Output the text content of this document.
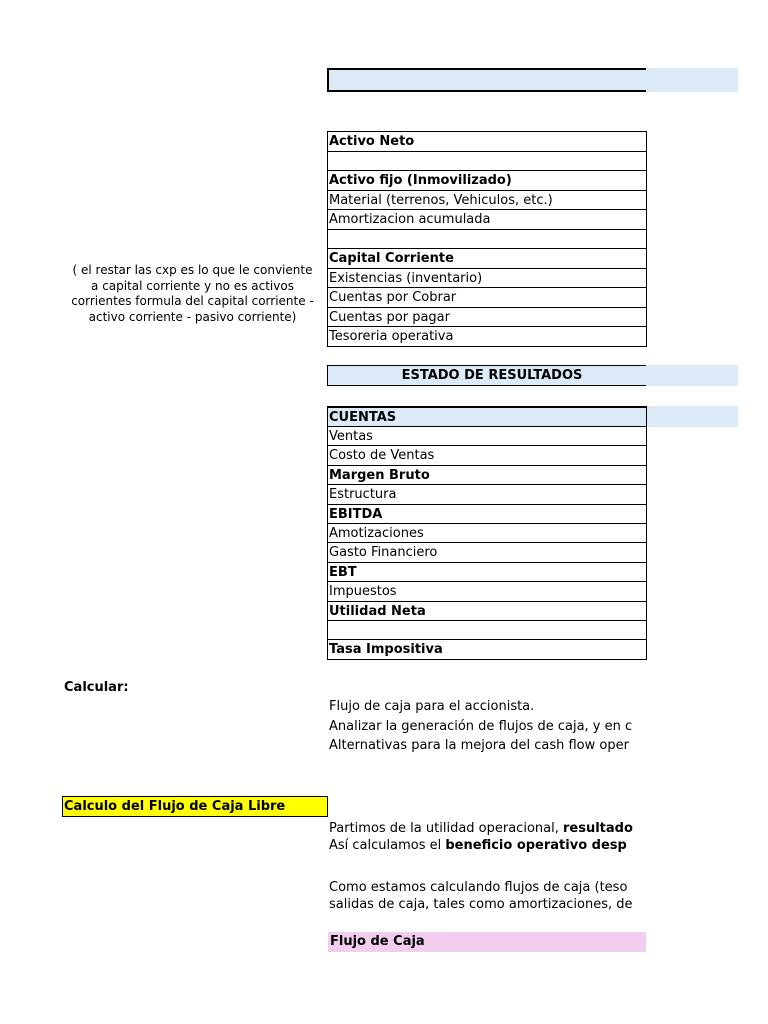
Activo Neto
Activo fijo (Inmovilizado)
Material (terrenos, Vehiculos, etc.)
Amortizacion acumulada
Capital Corriente
Existencias (inventario)
Cuentas por Cobrar
Cuentas por pagar
Tesoreria operativa
( el restar las cxp es lo que le conviente
a capital corriente y no es activos
corrientes formula del capital corriente -
activo corriente - pasivo corriente)
ESTADO DE RESULTADOS
CUENTAS
Ventas
Costo de Ventas
Margen Bruto
Estructura
EBITDA
Amotizaciones
Gasto Financiero
EBT
Impuestos
Utilidad Neta
Tasa Impositiva
Calcular:
Flujo de caja para el accionista.
Analizar la generación de flujos de caja, y en c
Alternativas para la mejora del cash flow oper
Calculo del Flujo de Caja Libre
Partimos de la utilidad operacional, resultado
Así calculamos el beneficio operativo desp
Como estamos calculando flujos de caja (teso
salidas de caja, tales como amortizaciones, de
Flujo de Caja
